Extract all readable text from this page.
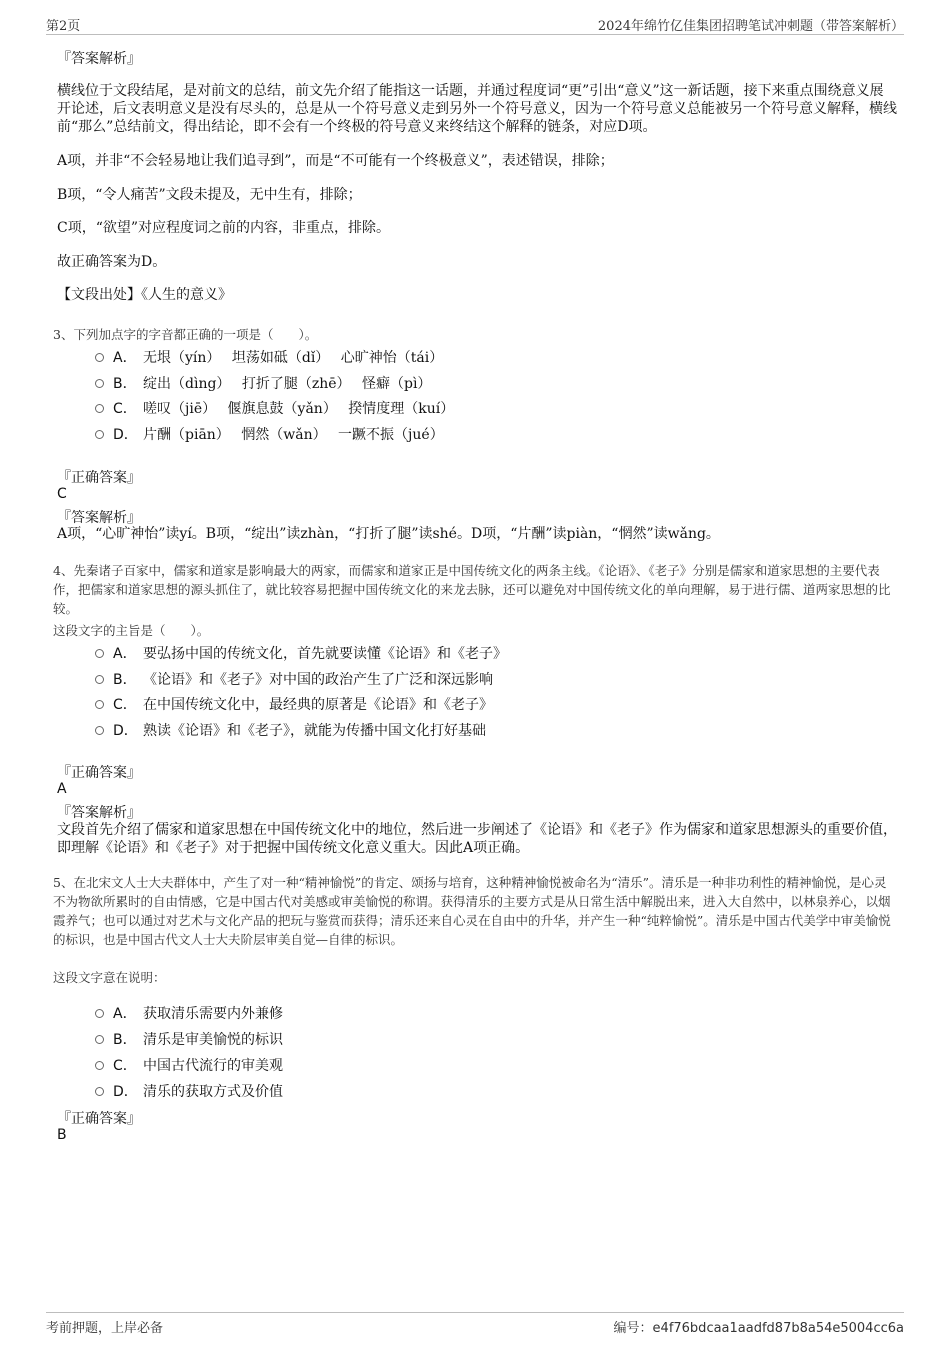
第2页	2024年绵竹亿佳集团招聘笔试冲刺题（带答案解析）

『答案解析』

横线位于文段结尾，是对前文的总结，前文先介绍了能指这一话题，并通过程度词“更”引出“意义”这一新话题，接下来重点围绕意义展开论述，后文表明意义是没有尽头的，总是从一个符号意义走到另外一个符号意义，因为一个符号意义总能被另一个符号意义解释，横线前“那么”总结前文，得出结论，即不会有一个终极的符号意义来终结这个解释的链条，对应D项。

A项，并非“不会轻易地让我们追寻到”，而是“不可能有一个终极意义”，表述错误，排除；

B项，“令人痛苦”文段未提及，无中生有，排除；

C项，“欲望”对应程度词之前的内容，非重点，排除。

故正确答案为D。

【文段出处】《人生的意义》

3、下列加点字的字音都正确的一项是（　　）。

A． 无垠（yín）　 坦荡如砥（dǐ）　 心旷神怡（tái）
B． 绽出（dìng）　 打折了腿（zhē）　 怪癖（pì）
C． 嗟叹（jiē）　 偃旗息鼓（yǎn）　 揆情度理（kuí）
D． 片酬（piān）　 惘然（wǎn）　 一蹶不振（jué）

『正确答案』

C

『答案解析』

A项，“心旷神怡”读yí。B项，“绽出”读zhàn，“打折了腿”读shé。D项，“片酬”读piàn，“惘然”读wǎng。

4、先秦诸子百家中，儒家和道家是影响最大的两家，而儒家和道家正是中国传统文化的两条主线。《论语》、《老子》分别是儒家和道家思想的主要代表作，把儒家和道家思想的源头抓住了，就比较容易把握中国传统文化的来龙去脉，还可以避免对中国传统文化的单向理解，易于进行儒、道两家思想的比较。

这段文字的主旨是（　　）。

A． 要弘扬中国的传统文化，首先就要读懂《论语》和《老子》
B． 《论语》和《老子》对中国的政治产生了广泛和深远影响
C． 在中国传统文化中，最经典的原著是《论语》和《老子》
D． 熟读《论语》和《老子》，就能为传播中国文化打好基础

『正确答案』

A

『答案解析』

文段首先介绍了儒家和道家思想在中国传统文化中的地位，然后进一步阐述了《论语》和《老子》作为儒家和道家思想源头的重要价值，即理解《论语》和《老子》对于把握中国传统文化意义重大。因此A项正确。

5、在北宋文人士大夫群体中，产生了对一种“精神愉悦”的肯定、颂扬与培育，这种精神愉悦被命名为“清乐”。清乐是一种非功利性的精神愉悦，是心灵不为物欲所累时的自由情感，它是中国古代对美感或审美愉悦的称谓。获得清乐的主要方式是从日常生活中解脱出来，进入大自然中，以林泉养心，以烟霞养气；也可以通过对艺术与文化产品的把玩与鉴赏而获得；清乐还来自心灵在自由中的升华，并产生一种“纯粹愉悦”。清乐是中国古代美学中审美愉悦的标识，也是中国古代文人士大夫阶层审美自觉—自律的标识。

这段文字意在说明：

A． 获取清乐需要内外兼修
B． 清乐是审美愉悦的标识
C． 中国古代流行的审美观
D． 清乐的获取方式及价值

『正确答案』

B

考前押题，上岸必备	编号：e4f76bdcaa1aadfd87b8a54e5004cc6a
